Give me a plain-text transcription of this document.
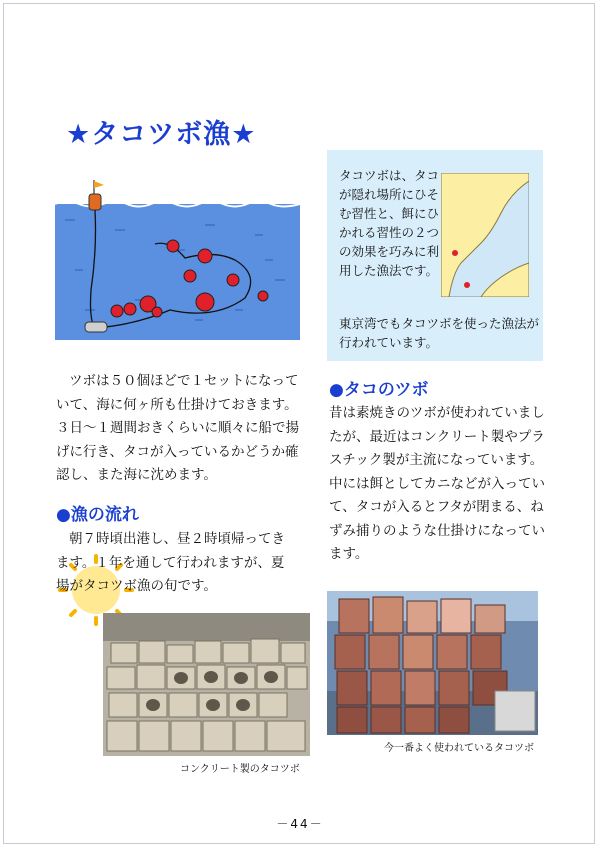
★タコツボ漁★
タコツボは、タコが隠れ場所にひそむ習性と、餌にひかれる習性の２つの効果を巧みに利用した漁法です。
東京湾でもタコツボを使った漁法が行われています。
ツボは５０個ほどで１セットになっていて、海に何ヶ所も仕掛けておきます。３日～１週間おきくらいに順々に船で揚げに行き、タコが入っているかどうか確認し、また海に沈めます。
●漁の流れ
朝７時頃出港し、昼２時頃帰ってきます。１年を通して行われますが、夏場がタコツボ漁の旬です。
●タコのツボ
昔は素焼きのツボが使われていましたが、最近はコンクリート製やプラスチック製が主流になっています。中には餌としてカニなどが入っていて、タコが入るとフタが閉まる、ねずみ捕りのような仕掛けになっています。
コンクリート製のタコツボ
今一番よく使われているタコツボ
－44－
